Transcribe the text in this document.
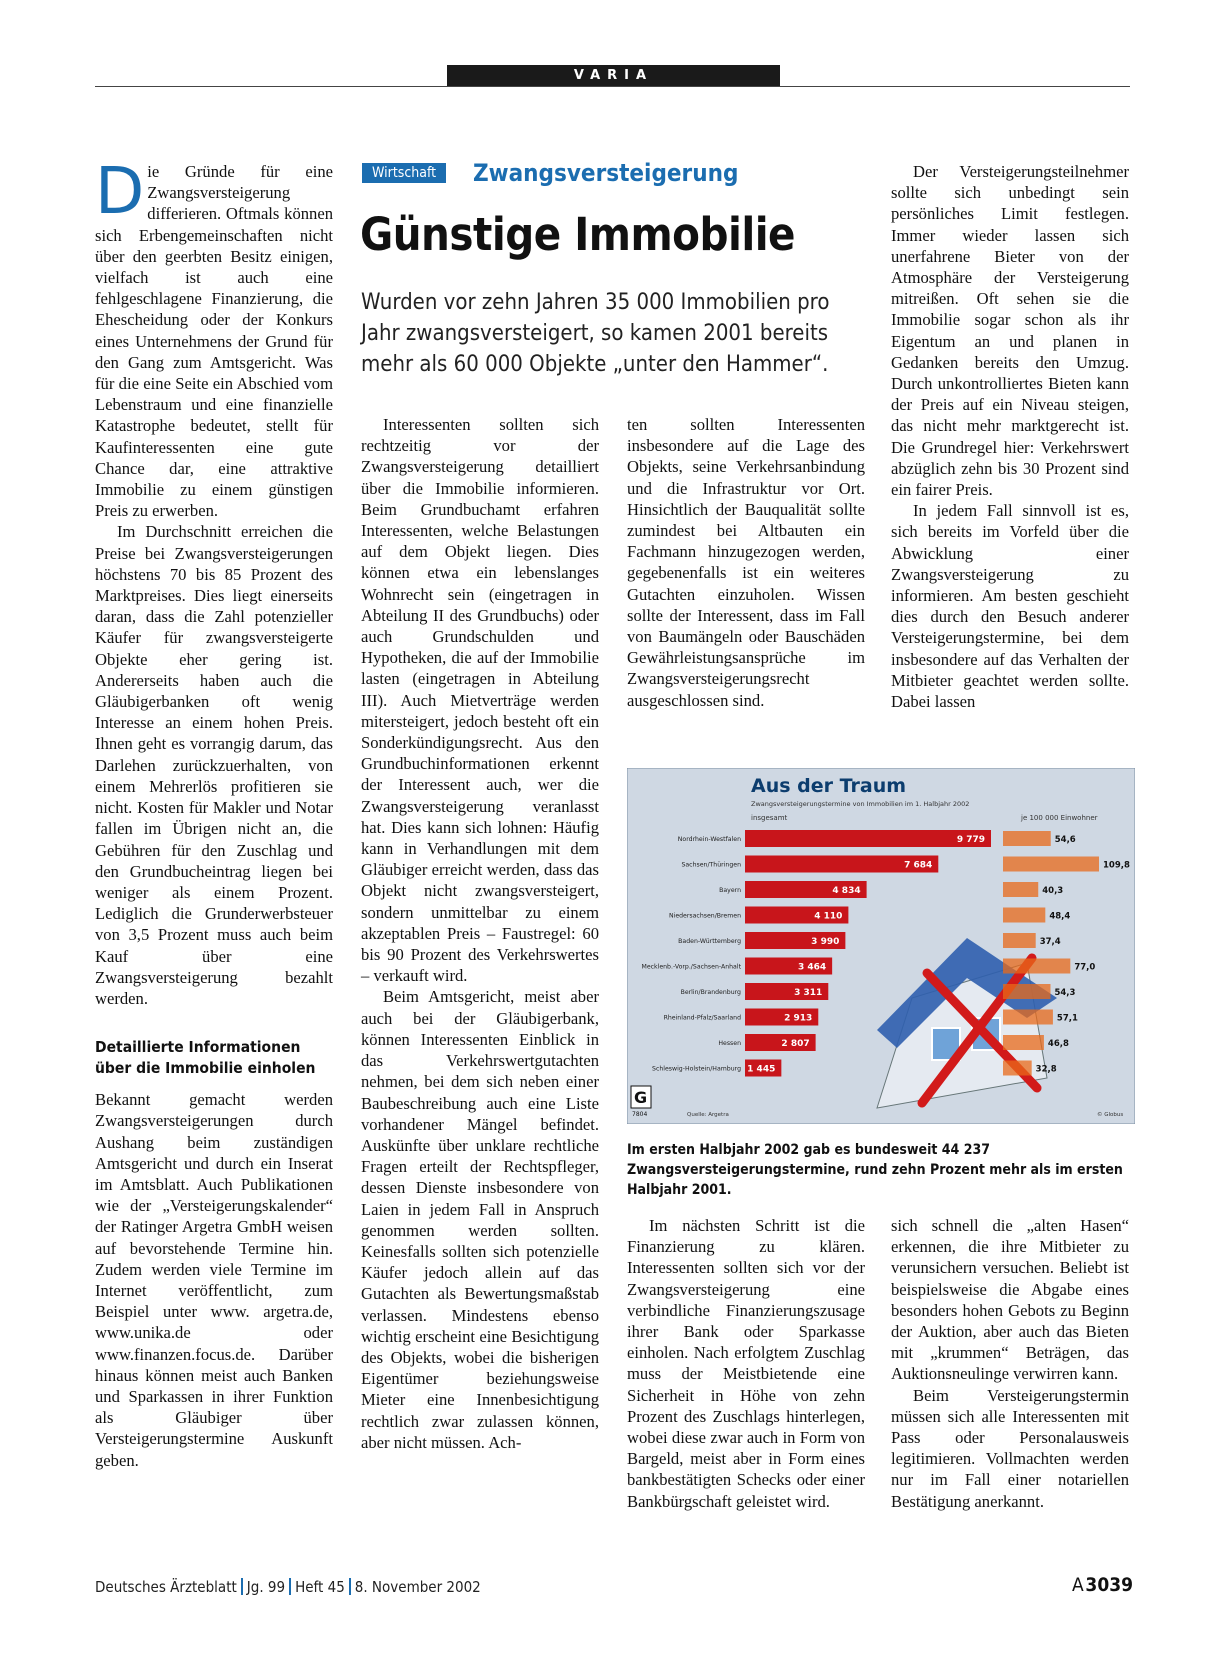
VARIA

Die Gründe für eine Zwangsversteigerung differieren. Oftmals können sich Erbengemeinschaften nicht über den geerbten Besitz einigen, vielfach ist auch eine fehlgeschlagene Finanzierung, die Ehescheidung oder der Konkurs eines Unternehmens der Grund für den Gang zum Amtsgericht. Was für die eine Seite ein Abschied vom Lebenstraum und eine finanzielle Katastrophe bedeutet, stellt für Kaufinteressenten eine gute Chance dar, eine attraktive Immobilie zu einem günstigen Preis zu erwerben.

Im Durchschnitt erreichen die Preise bei Zwangsversteigerungen höchstens 70 bis 85 Prozent des Marktpreises. Dies liegt einerseits daran, dass die Zahl potenzieller Käufer für zwangsversteigerte Objekte eher gering ist. Andererseits haben auch die Gläubigerbanken oft wenig Interesse an einem hohen Preis. Ihnen geht es vorrangig darum, das Darlehen zurückzuerhalten, von einem Mehrerlös profitieren sie nicht. Kosten für Makler und Notar fallen im Übrigen nicht an, die Gebühren für den Zuschlag und den Grundbucheintrag liegen bei weniger als einem Prozent. Lediglich die Grunderwerbsteuer von 3,5 Prozent muss auch beim Kauf über eine Zwangsversteigerung bezahlt werden.

Detaillierte Informationen über die Immobilie einholen

Bekannt gemacht werden Zwangsversteigerungen durch Aushang beim zuständigen Amtsgericht und durch ein Inserat im Amtsblatt. Auch Publikationen wie der „Versteigerungskalender“ der Ratinger Argetra GmbH weisen auf bevorstehende Termine hin. Zudem werden viele Termine im Internet veröffentlicht, zum Beispiel unter www. argetra.de, www.unika.de oder www.finanzen.focus.de. Darüber hinaus können meist auch Banken und Sparkassen in ihrer Funktion als Gläubiger über Versteigerungstermine Auskunft geben.

Wirtschaft	Zwangsversteigerung
Günstige Immobilie
Wurden vor zehn Jahren 35 000 Immobilien pro Jahr zwangsversteigert, so kamen 2001 bereits mehr als 60 000 Objekte „unter den Hammer“.

Interessenten sollten sich rechtzeitig vor der Zwangsversteigerung detailliert über die Immobilie informieren. Beim Grundbuchamt erfahren Interessenten, welche Belastungen auf dem Objekt liegen. Dies können etwa ein lebenslanges Wohnrecht sein (eingetragen in Abteilung II des Grundbuchs) oder auch Grundschulden und Hypotheken, die auf der Immobilie lasten (eingetragen in Abteilung III). Auch Mietverträge werden mitersteigert, jedoch besteht oft ein Sonderkündigungsrecht. Aus den Grundbuchinformationen erkennt der Interessent auch, wer die Zwangsversteigerung veranlasst hat. Dies kann sich lohnen: Häufig kann in Verhandlungen mit dem Gläubiger erreicht werden, dass das Objekt nicht zwangsversteigert, sondern unmittelbar zu einem akzeptablen Preis – Faustregel: 60 bis 90 Prozent des Verkehrswertes – verkauft wird.

Beim Amtsgericht, meist aber auch bei der Gläubigerbank, können Interessenten Einblick in das Verkehrswertgutachten nehmen, bei dem sich neben einer Baubeschreibung auch eine Liste vorhandener Mängel befindet. Auskünfte über unklare rechtliche Fragen erteilt der Rechtspfleger, dessen Dienste insbesondere von Laien in jedem Fall in Anspruch genommen werden sollten. Keinesfalls sollten sich potenzielle Käufer jedoch allein auf das Gutachten als Bewertungsmaßstab verlassen. Mindestens ebenso wichtig erscheint eine Besichtigung des Objekts, wobei die bisherigen Eigentümer beziehungsweise Mieter eine Innenbesichtigung rechtlich zwar zulassen können, aber nicht müssen. Ach-

ten sollten Interessenten insbesondere auf die Lage des Objekts, seine Verkehrsanbindung und die Infrastruktur vor Ort. Hinsichtlich der Bauqualität sollte zumindest bei Altbauten ein Fachmann hinzugezogen werden, gegebenenfalls ist ein weiteres Gutachten einzuholen. Wissen sollte der Interessent, dass im Fall von Baumängeln oder Bauschäden Gewährleistungsansprüche im Zwangsversteigerungsrecht ausgeschlossen sind.

Der Versteigerungsteilnehmer sollte sich unbedingt sein persönliches Limit festlegen. Immer wieder lassen sich unerfahrene Bieter von der Atmosphäre der Versteigerung mitreißen. Oft sehen sie die Immobilie sogar schon als ihr Eigentum an und planen in Gedanken bereits den Umzug. Durch unkontrolliertes Bieten kann der Preis auf ein Niveau steigen, das nicht mehr marktgerecht ist. Die Grundregel hier: Verkehrswert abzüglich zehn bis 30 Prozent sind ein fairer Preis.

In jedem Fall sinnvoll ist es, sich bereits im Vorfeld über die Abwicklung einer Zwangsversteigerung zu informieren. Am besten geschieht dies durch den Besuch anderer Versteigerungstermine, bei dem insbesondere auf das Verhalten der Mitbieter geachtet werden sollte. Dabei lassen

Aus der Traum
Zwangsversteigerungstermine von Immobilien im 1. Halbjahr 2002
insgesamt	je 100 000 Einwohner
Nordrhein-Westfalen	9 779	54,6
Sachsen/Thüringen	7 684	109,8
Bayern	4 834	40,3
Niedersachsen/Bremen	4 110	48,4
Baden-Württemberg	3 990	37,4
Mecklenb.-Vorp./Sachsen-Anhalt	3 464	77,0
Berlin/Brandenburg	3 311	54,3
Rheinland-Pfalz/Saarland	2 913	57,1
Hessen	2 807	46,8
Schleswig-Holstein/Hamburg 1 445	32,8
G
7804	Quelle: Argetra	© Globus
Im ersten Halbjahr 2002 gab es bundesweit 44 237 Zwangsversteigerungstermine, rund zehn Prozent mehr als im ersten Halbjahr 2001.

Im nächsten Schritt ist die Finanzierung zu klären. Interessenten sollten sich vor der Zwangsversteigerung eine verbindliche Finanzierungszusage ihrer Bank oder Sparkasse einholen. Nach erfolgtem Zuschlag muss der Meistbietende eine Sicherheit in Höhe von zehn Prozent des Zuschlags hinterlegen, wobei diese zwar auch in Form von Bargeld, meist aber in Form eines bankbestätigten Schecks oder einer Bankbürgschaft geleistet wird.

sich schnell die „alten Hasen“ erkennen, die ihre Mitbieter zu verunsichern versuchen. Beliebt ist beispielsweise die Abgabe eines besonders hohen Gebots zu Beginn der Auktion, aber auch das Bieten mit „krummen“ Beträgen, das Auktionsneulinge verwirren kann.

Beim Versteigerungstermin müssen sich alle Interessenten mit Pass oder Personalausweis legitimieren. Vollmachten werden nur im Fall einer notariellen Bestätigung anerkannt.

Deutsches Ärzteblatt Jg. 99 Heft 45 8. November 2002	A 3039
